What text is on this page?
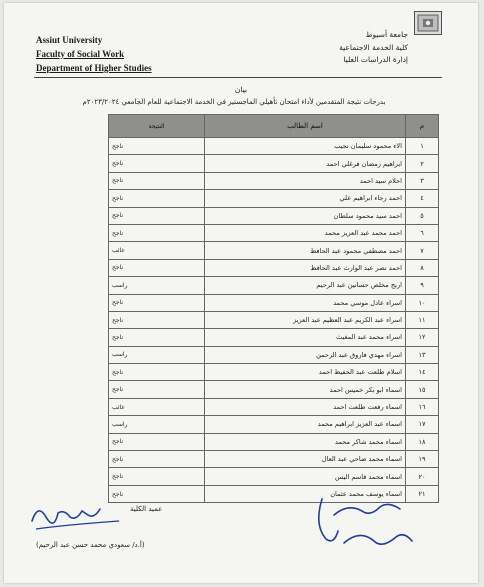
Assiut University
Faculty of Social Work
Department of Higher Studies
جامعة أسيوط
كلية الخدمة الاجتماعية
إدارة الدراسات العليا
بيان
بدرجات نتيجة المتقدمين لأداء امتحان تأهيلي الماجستير في الخدمة الاجتماعية للعام الجامعي ٢٠٢٣/٢٠٢٤م
م	اسم الطالب	النتيجة
١	الاء محمود سليمان نجيب	ناجح
٢	ابراهيم رمضان فرغلي احمد	ناجح
٣	احلام سيد احمد	ناجح
٤	احمد رجاء ابراهيم علي	ناجح
٥	احمد سيد محمود سلطان	ناجح
٦	احمد محمد عبد العزيز محمد	ناجح
٧	احمد مصطفي محمود عبد الحافظ	غائب
٨	احمد نصر عبد الوارث عبد الحافظ	ناجح
٩	اريج مخلص حسانين عبد الرحيم	راسب
١٠	اسراء عادل موسي محمد	ناجح
١١	اسراء عبد الكريم عبد العظيم عبد العزيز	ناجح
١٢	اسراء محمد عبد المغيث	ناجح
١٣	اسراء مهدي فاروق عبد الرحمن	راسب
١٤	اسلام طلعت عبد الحفيظ احمد	ناجح
١٥	اسماء ابو بكر خميس احمد	ناجح
١٦	اسماء رفعت طلعت احمد	غائب
١٧	اسماء عبد العزيز ابراهيم محمد	راسب
١٨	اسماء محمد شاكر محمد	ناجح
١٩	اسماء محمد ضاحي عبد العال	ناجح
٢٠	اسماء محمد قاسم اليس	ناجح
٢١	اسماء يوسف محمد عثمان	ناجح
عميد الكلية
(أ.د/ سعودي محمد حسن عبد الرحيم)
